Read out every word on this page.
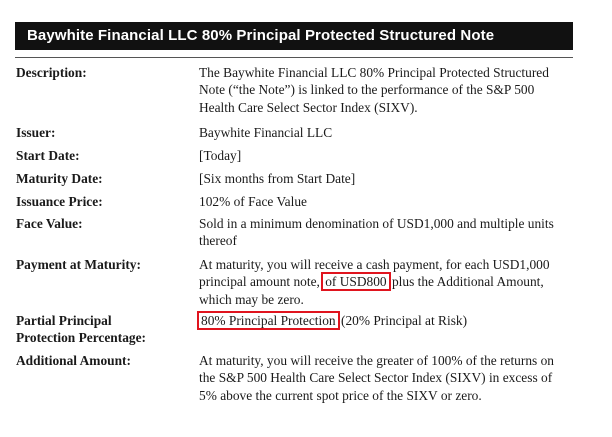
Baywhite Financial LLC 80% Principal Protected Structured Note
Description:	The Baywhite Financial LLC 80% Principal Protected Structured Note (“the Note”) is linked to the performance of the S&P 500 Health Care Select Sector Index (SIXV).
Issuer:	Baywhite Financial LLC
Start Date:	[Today]
Maturity Date:	[Six months from Start Date]
Issuance Price:	102% of Face Value
Face Value:	Sold in a minimum denomination of USD1,000 and multiple units thereof
Payment at Maturity:	At maturity, you will receive a cash payment, for each USD1,000 principal amount note, of USD800 plus the Additional Amount, which may be zero.
Partial Principal
Protection Percentage:
80% Principal Protection (20% Principal at Risk)
Additional Amount:	At maturity, you will receive the greater of 100% of the returns on the S&P 500 Health Care Select Sector Index (SIXV) in excess of 5% above the current spot price of the SIXV or zero.
